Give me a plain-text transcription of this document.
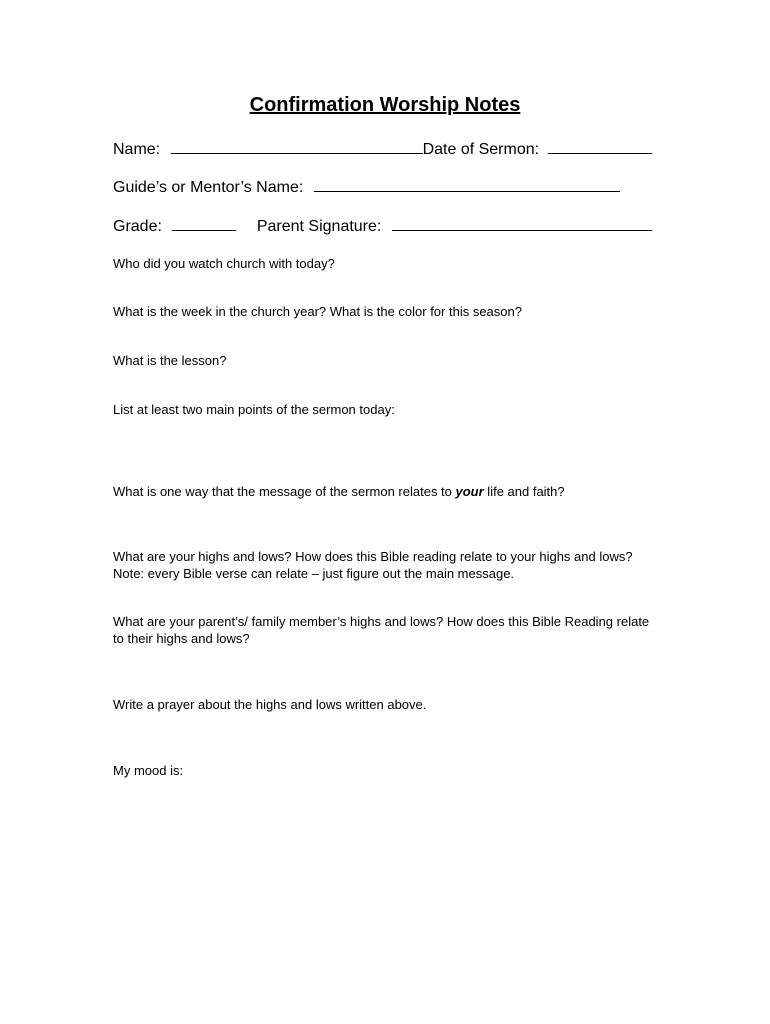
Confirmation Worship Notes
Name:	Date of Sermon:
Guide’s or Mentor’s Name:
Grade:	Parent Signature:
Who did you watch church with today?
What is the week in the church year? What is the color for this season?
What is the lesson?
List at least two main points of the sermon today:
What is one way that the message of the sermon relates to your life and faith?
What are your highs and lows? How does this Bible reading relate to your highs and lows? Note: every Bible verse can relate – just figure out the main message.
What are your parent’s/ family member’s highs and lows? How does this Bible Reading relate to their highs and lows?
Write a prayer about the highs and lows written above.
My mood is:
